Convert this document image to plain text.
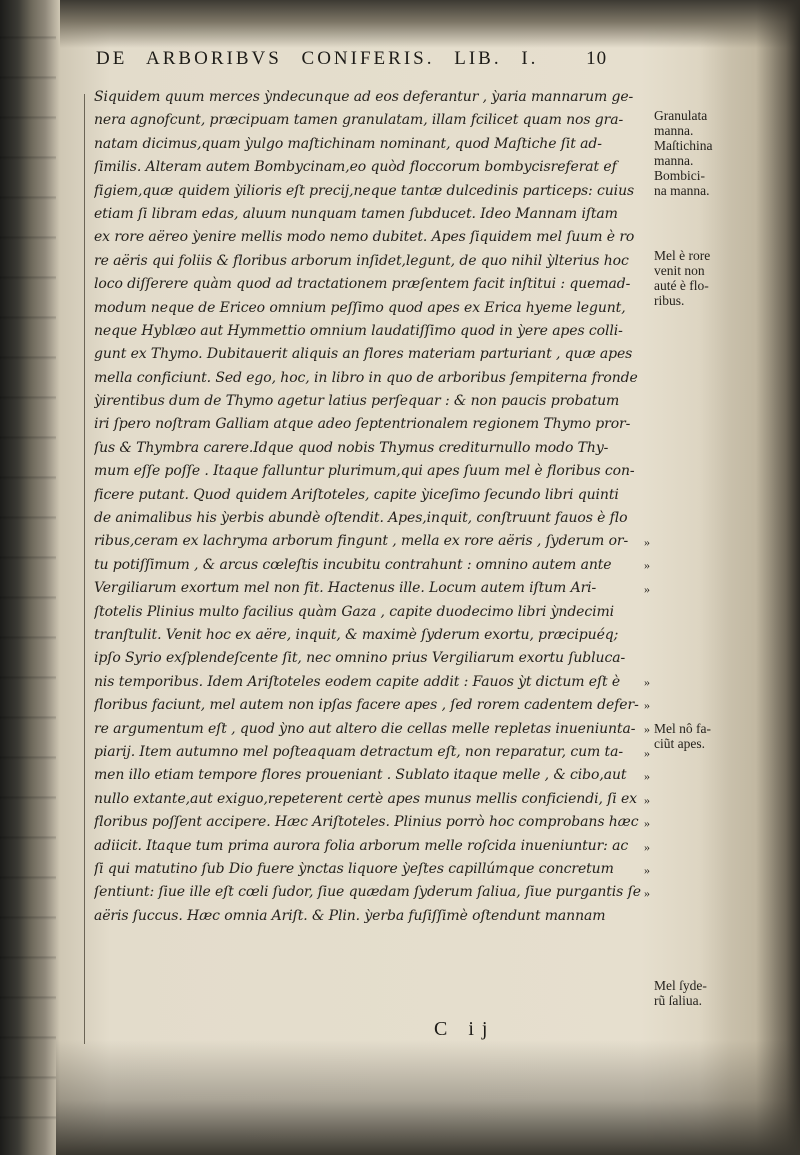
DE ARBORIBVS CONIFERIS. LIB. I.	10
Siquidem quum merces ỳndecunque ad eos deferantur , ỳaria mannarum ge-
nera agnofcunt, præcipuam tamen granulatam, illam fcilicet quam nos gra-
natam dicimus,quam ỳulgo maſtichinam nominant, quod Maſtiche ſit ad-
ſimilis. Alteram autem Bombycinam,eo quòd floccorum bombycisreferat ef
figiem,quæ quidem ỳilioris eſt precij,neque tantæ dulcedinis particeps: cuius
etiam ſi libram edas, aluum nunquam tamen ſubducet. Ideo Mannam iſtam
ex rore aëreo ỳenire mellis modo nemo dubitet. Apes ſiquidem mel ſuum è ro
re aëris qui foliis & floribus arborum inſidet,legunt, de quo nihil ỳlterius hoc
loco diſſerere quàm quod ad tractationem præſentem facit inſtitui : quemad-
modum neque de Ericeo omnium peſſimo quod apes ex Erica hyeme legunt,
neque Hyblæo aut Hymmettio omnium laudatiſſimo quod in ỳere apes colli-
gunt ex Thymo. Dubitauerit aliquis an flores materiam parturiant , quæ apes
mella conficiunt. Sed ego, hoc, in libro in quo de arboribus ſempiterna fronde
ỳirentibus dum de Thymo agetur latius perſequar : & non paucis probatum
iri ſpero noſtram Galliam atque adeo ſeptentrionalem regionem Thymo pror-
ſus & Thymbra carere.Idque quod nobis Thymus crediturnullo modo Thy-
mum eſſe poſſe . Itaque falluntur plurimum,qui apes ſuum mel è floribus con-
ficere putant. Quod quidem Ariſtoteles, capite ỳiceſimo ſecundo libri quinti
de animalibus his ỳerbis abundè oſtendit. Apes,inquit, conſtruunt fauos è flo
ribus,ceram ex lachryma arborum fingunt , mella ex rore aëris , ſyderum or-
tu potiſſimum , & arcus cœleſtis incubitu contrahunt : omnino autem ante
Vergiliarum exortum mel non fit. Hactenus ille. Locum autem iſtum Ari-
ſtotelis Plinius multo facilius quàm Gaza , capite duodecimo libri ỳndecimi
tranſtulit. Venit hoc ex aëre, inquit, & maximè ſyderum exortu, præcipuéq;
ipſo Syrio exſplendeſcente ſit, nec omnino prius Vergiliarum exortu ſubluca-
nis temporibus. Idem Ariſtoteles eodem capite addit : Fauos ỳt dictum eſt è
floribus faciunt, mel autem non ipſas facere apes , ſed rorem cadentem defer-
re argumentum eſt , quod ỳno aut altero die cellas melle repletas inueniunta-
piarij. Item autumno mel poſteaquam detractum eſt, non reparatur, cum ta-
men illo etiam tempore flores proueniant . Sublato itaque melle , & cibo,aut
nullo extante,aut exiguo,repeterent certè apes munus mellis conficiendi, ſi ex
floribus poſſent accipere. Hæc Ariſtoteles. Plinius porrò hoc comprobans hæc
adiicit. Itaque tum prima aurora folia arborum melle roſcida inueniuntur: ac
ſi qui matutino ſub Dio fuere ỳnctas liquore ỳeſtes capillúmque concretum
ſentiunt: ſiue ille eſt cœli ſudor, ſiue quædam ſyderum ſaliua, ſiue purgantis ſe
aëris ſuccus. Hæc omnia Ariſt. & Plin. ỳerba fuſiſſimè oſtendunt mannam
Granulata
manna.
Maſtichina
manna.
Bombici-
na manna.
Mel è rore
venit non
auté è flo-
ribus.
Mel nô fa-
ciũt apes.
Mel ſyde-
rũ ſaliua.
»
»
»
»
»
»
»
»
»
»
»
»
»
C ij
